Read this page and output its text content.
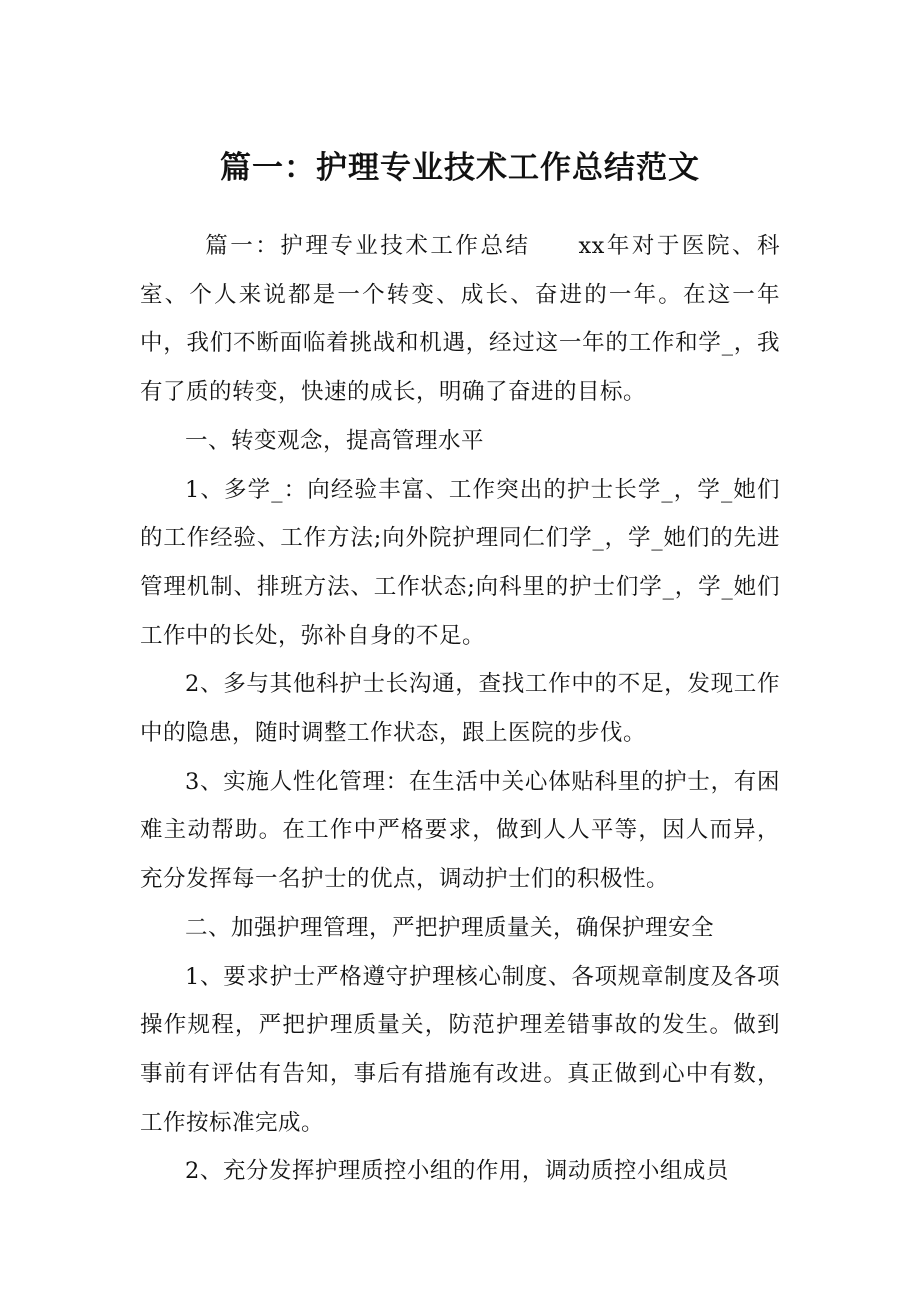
篇一：护理专业技术工作总结范文

篇一：护理专业技术工作总结 xx年对于医院、科室、个人来说都是一个转变、成长、奋进的一年。在这一年中，我们不断面临着挑战和机遇，经过这一年的工作和学_，我有了质的转变，快速的成长，明确了奋进的目标。

一、转变观念，提高管理水平

1、多学_：向经验丰富、工作突出的护士长学_，学_她们的工作经验、工作方法;向外院护理同仁们学_，学_她们的先进管理机制、排班方法、工作状态;向科里的护士们学_，学_她们工作中的长处，弥补自身的不足。

2、多与其他科护士长沟通，查找工作中的不足，发现工作中的隐患，随时调整工作状态，跟上医院的步伐。

3、实施人性化管理：在生活中关心体贴科里的护士，有困难主动帮助。在工作中严格要求，做到人人平等，因人而异，充分发挥每一名护士的优点，调动护士们的积极性。

二、加强护理管理，严把护理质量关，确保护理安全

1、要求护士严格遵守护理核心制度、各项规章制度及各项操作规程，严把护理质量关，防范护理差错事故的发生。做到事前有评估有告知，事后有措施有改进。真正做到心中有数，工作按标准完成。

2、充分发挥护理质控小组的作用，调动质控小组成员
